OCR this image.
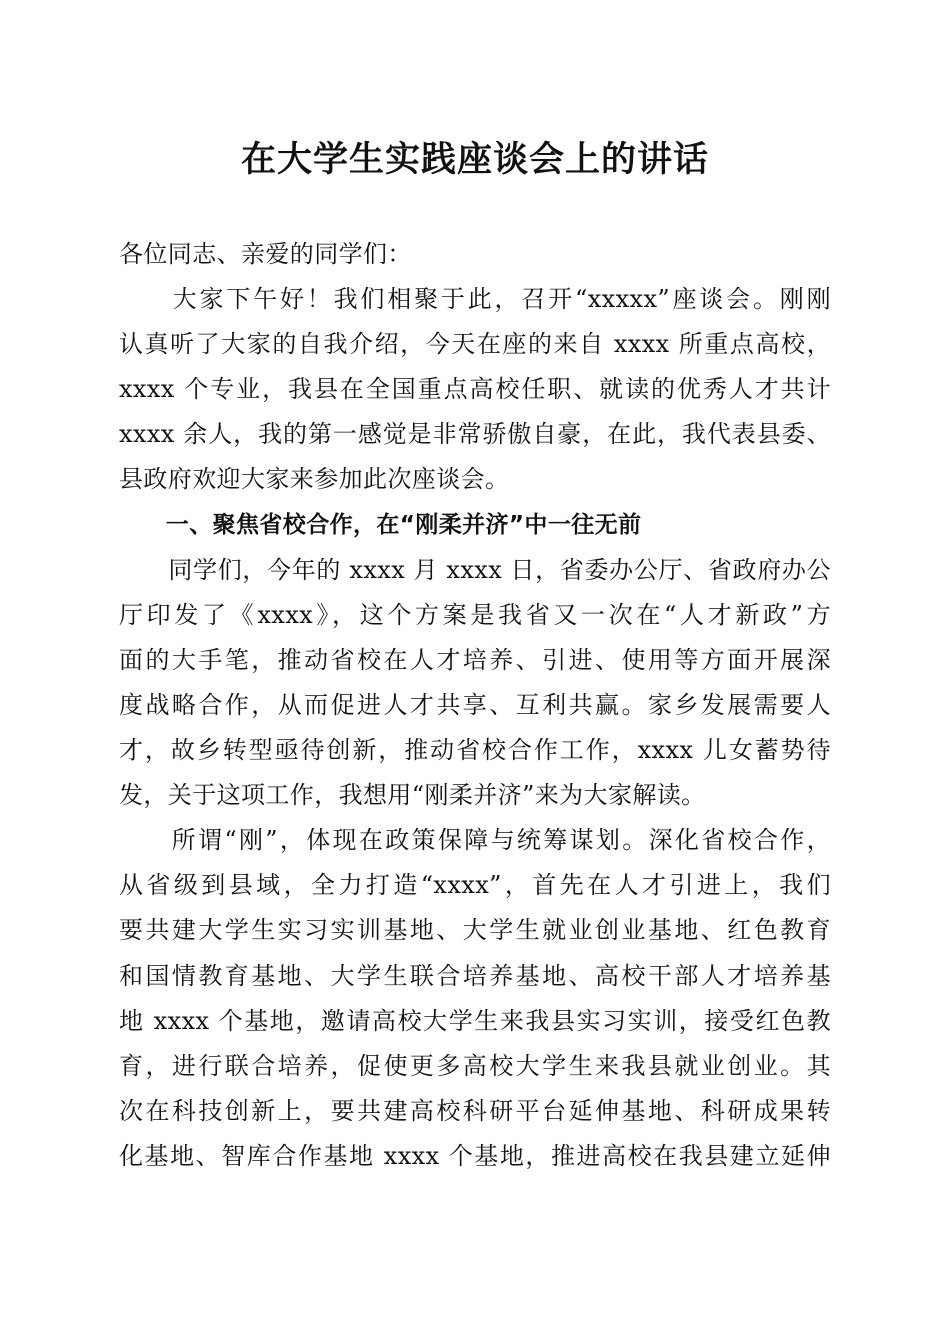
在大学生实践座谈会上的讲话
各位同志、亲爱的同学们：
　　大家下午好！我们相聚于此，召开“xxxxx”座谈会。刚刚
认真听了大家的自我介绍，今天在座的来自 xxxx 所重点高校，
xxxx 个专业，我县在全国重点高校任职、就读的优秀人才共计
xxxx 余人，我的第一感觉是非常骄傲自豪，在此，我代表县委、
县政府欢迎大家来参加此次座谈会。
　　一、聚焦省校合作，在“刚柔并济”中一往无前
　　同学们，今年的 xxxx 月 xxxx 日，省委办公厅、省政府办公
厅印发了《xxxx》，这个方案是我省又一次在“人才新政”方
面的大手笔，推动省校在人才培养、引进、使用等方面开展深
度战略合作，从而促进人才共享、互利共赢。家乡发展需要人
才，故乡转型亟待创新，推动省校合作工作，xxxx 儿女蓄势待
发，关于这项工作，我想用“刚柔并济”来为大家解读。
　　所谓“刚”，体现在政策保障与统筹谋划。深化省校合作，
从省级到县域，全力打造“xxxx”，首先在人才引进上，我们
要共建大学生实习实训基地、大学生就业创业基地、红色教育
和国情教育基地、大学生联合培养基地、高校干部人才培养基
地 xxxx 个基地，邀请高校大学生来我县实习实训，接受红色教
育，进行联合培养，促使更多高校大学生来我县就业创业。其
次在科技创新上，要共建高校科研平台延伸基地、科研成果转
化基地、智库合作基地 xxxx 个基地，推进高校在我县建立延伸
